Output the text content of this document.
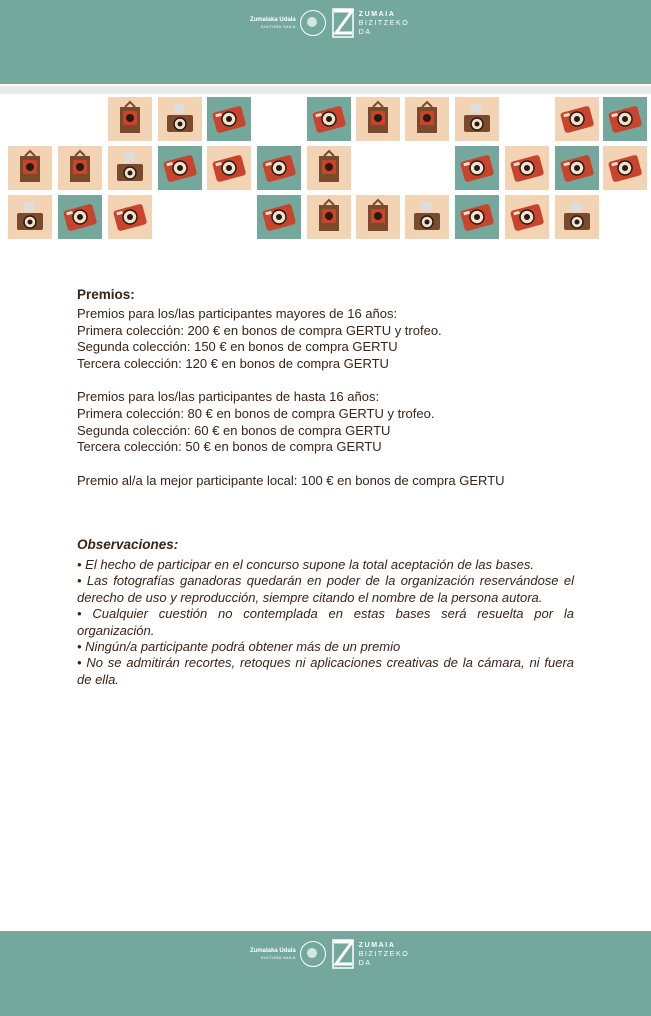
Zumalaka Udala
KULTURA SAILA
ZUMAIA
BIZITZEKO
DA
Premios:
Premios para los/las participantes mayores de 16 años:
Primera colección: 200 € en bonos de compra GERTU y trofeo.
Segunda colección: 150 € en bonos de compra GERTU
Tercera colección: 120 € en bonos de compra GERTU
Premios para los/las participantes de hasta 16 años:
Primera colección: 80 € en bonos de compra GERTU y trofeo.
Segunda colección: 60 € en bonos de compra GERTU
Tercera colección: 50 € en bonos de compra GERTU
Premio al/a la mejor participante local: 100 € en bonos de compra GERTU
Observaciones:

• El hecho de participar en el concurso supone la total aceptación de las bases.

• Las fotografías ganadoras quedarán en poder de la organización reservándose el derecho de uso y reproducción, siempre citando el nombre de la persona autora.

• Cualquier cuestión no contemplada en estas bases será resuelta por la organización.

• Ningún/a participante podrá obtener más de un premio

• No se admitirán recortes, retoques ni aplicaciones creativas de la cámara, ni fuera de ella.

Zumalaka Udala
KULTURA SAILA
ZUMAIA
BIZITZEKO
DA
